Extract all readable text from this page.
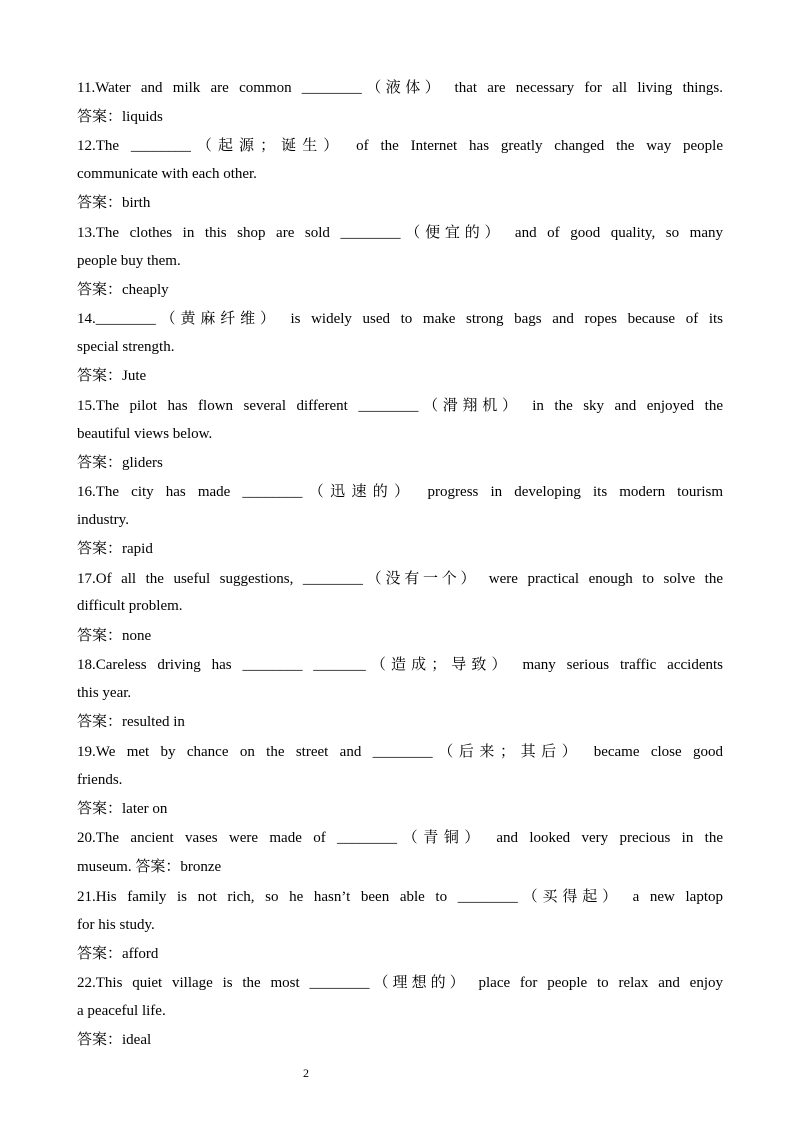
11.Water and milk are common ________（液体） that are necessary for all living things.
答案：liquids
12.The ________（起源；诞生） of the Internet has greatly changed the way people
communicate with each other.
答案：birth
13.The clothes in this shop are sold ________（便宜的） and of good quality, so many
people buy them.
答案：cheaply
14.________（黄麻纤维） is widely used to make strong bags and ropes because of its
special strength.
答案：Jute
15.The pilot has flown several different ________（滑翔机） in the sky and enjoyed the
beautiful views below.
答案：gliders
16.The city has made ________（迅速的） progress in developing its modern tourism
industry.
答案：rapid
17.Of all the useful suggestions, ________（没有一个） were practical enough to solve the
difficult problem.
答案：none
18.Careless driving has ________ _______（造成；导致） many serious traffic accidents
this year.
答案：resulted in
19.We met by chance on the street and ________（后来；其后） became close good
friends.
答案：later on
20.The ancient vases were made of ________（青铜） and looked very precious in the
museum. 答案：bronze
21.His family is not rich, so he hasn’t been able to ________（买得起） a new laptop
for his study.
答案：afford
22.This quiet village is the most ________（理想的） place for people to relax and enjoy
a peaceful life.
答案：ideal
2
